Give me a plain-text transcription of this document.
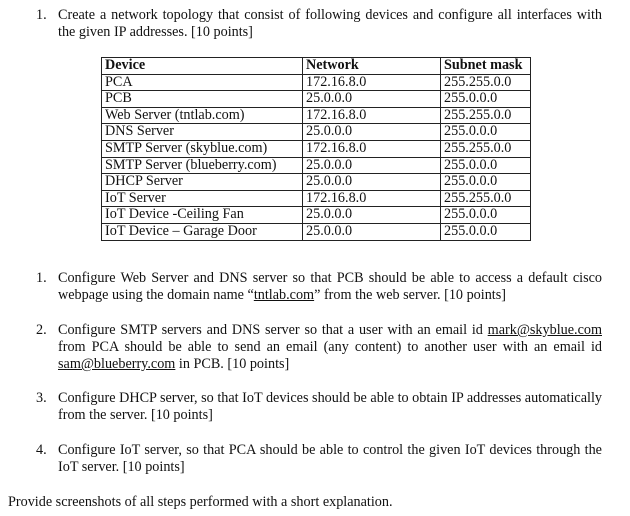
1. Create a network topology that consist of following devices and configure all interfaces with the given IP addresses. [10 points]
Device	Network	Subnet mask
PCA	172.16.8.0	255.255.0.0
PCB	25.0.0.0	255.0.0.0
Web Server (tntlab.com)	172.16.8.0	255.255.0.0
DNS Server	25.0.0.0	255.0.0.0
SMTP Server (skyblue.com)	172.16.8.0	255.255.0.0
SMTP Server (blueberry.com)	25.0.0.0	255.0.0.0
DHCP Server	25.0.0.0	255.0.0.0
IoT Server	172.16.8.0	255.255.0.0
IoT Device -Ceiling Fan	25.0.0.0	255.0.0.0
IoT Device – Garage Door	25.0.0.0	255.0.0.0
1. Configure Web Server and DNS server so that PCB should be able to access a default cisco webpage using the domain name “tntlab.com” from the web server. [10 points]
2. Configure SMTP servers and DNS server so that a user with an email id mark@skyblue.com from PCA should be able to send an email (any content) to another user with an email id sam@blueberry.com in PCB. [10 points]
3. Configure DHCP server, so that IoT devices should be able to obtain IP addresses automatically from the server. [10 points]
4. Configure IoT server, so that PCA should be able to control the given IoT devices through the IoT server. [10 points]
Provide screenshots of all steps performed with a short explanation.
